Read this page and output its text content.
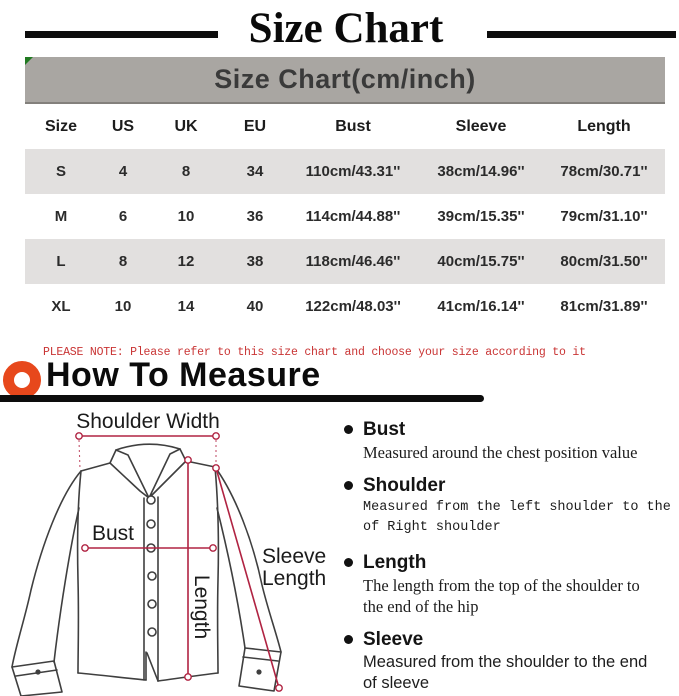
Size Chart
Size Chart(cm/inch)
Size	US	UK	EU	Bust	Sleeve	Length
S	4	8	34	110cm/43.31''	38cm/14.96''	78cm/30.71''
M	6	10	36	114cm/44.88''	39cm/15.35''	79cm/31.10''
L	8	12	38	118cm/46.46''	40cm/15.75''	80cm/31.50''
XL	10	14	40	122cm/48.03''	41cm/16.14''	81cm/31.89''
PLEASE NOTE: Please refer to this size chart and choose your size according to it
How To Measure
Shoulder Width
Bust
Length
Sleeve
Length
Bust
Measured around the chest position value
Shoulder
Measured from the left shoulder to the
of Right shoulder
Length
The length from the top of the shoulder to
the end of the hip
Sleeve
Measured from the shoulder to the end
of sleeve
